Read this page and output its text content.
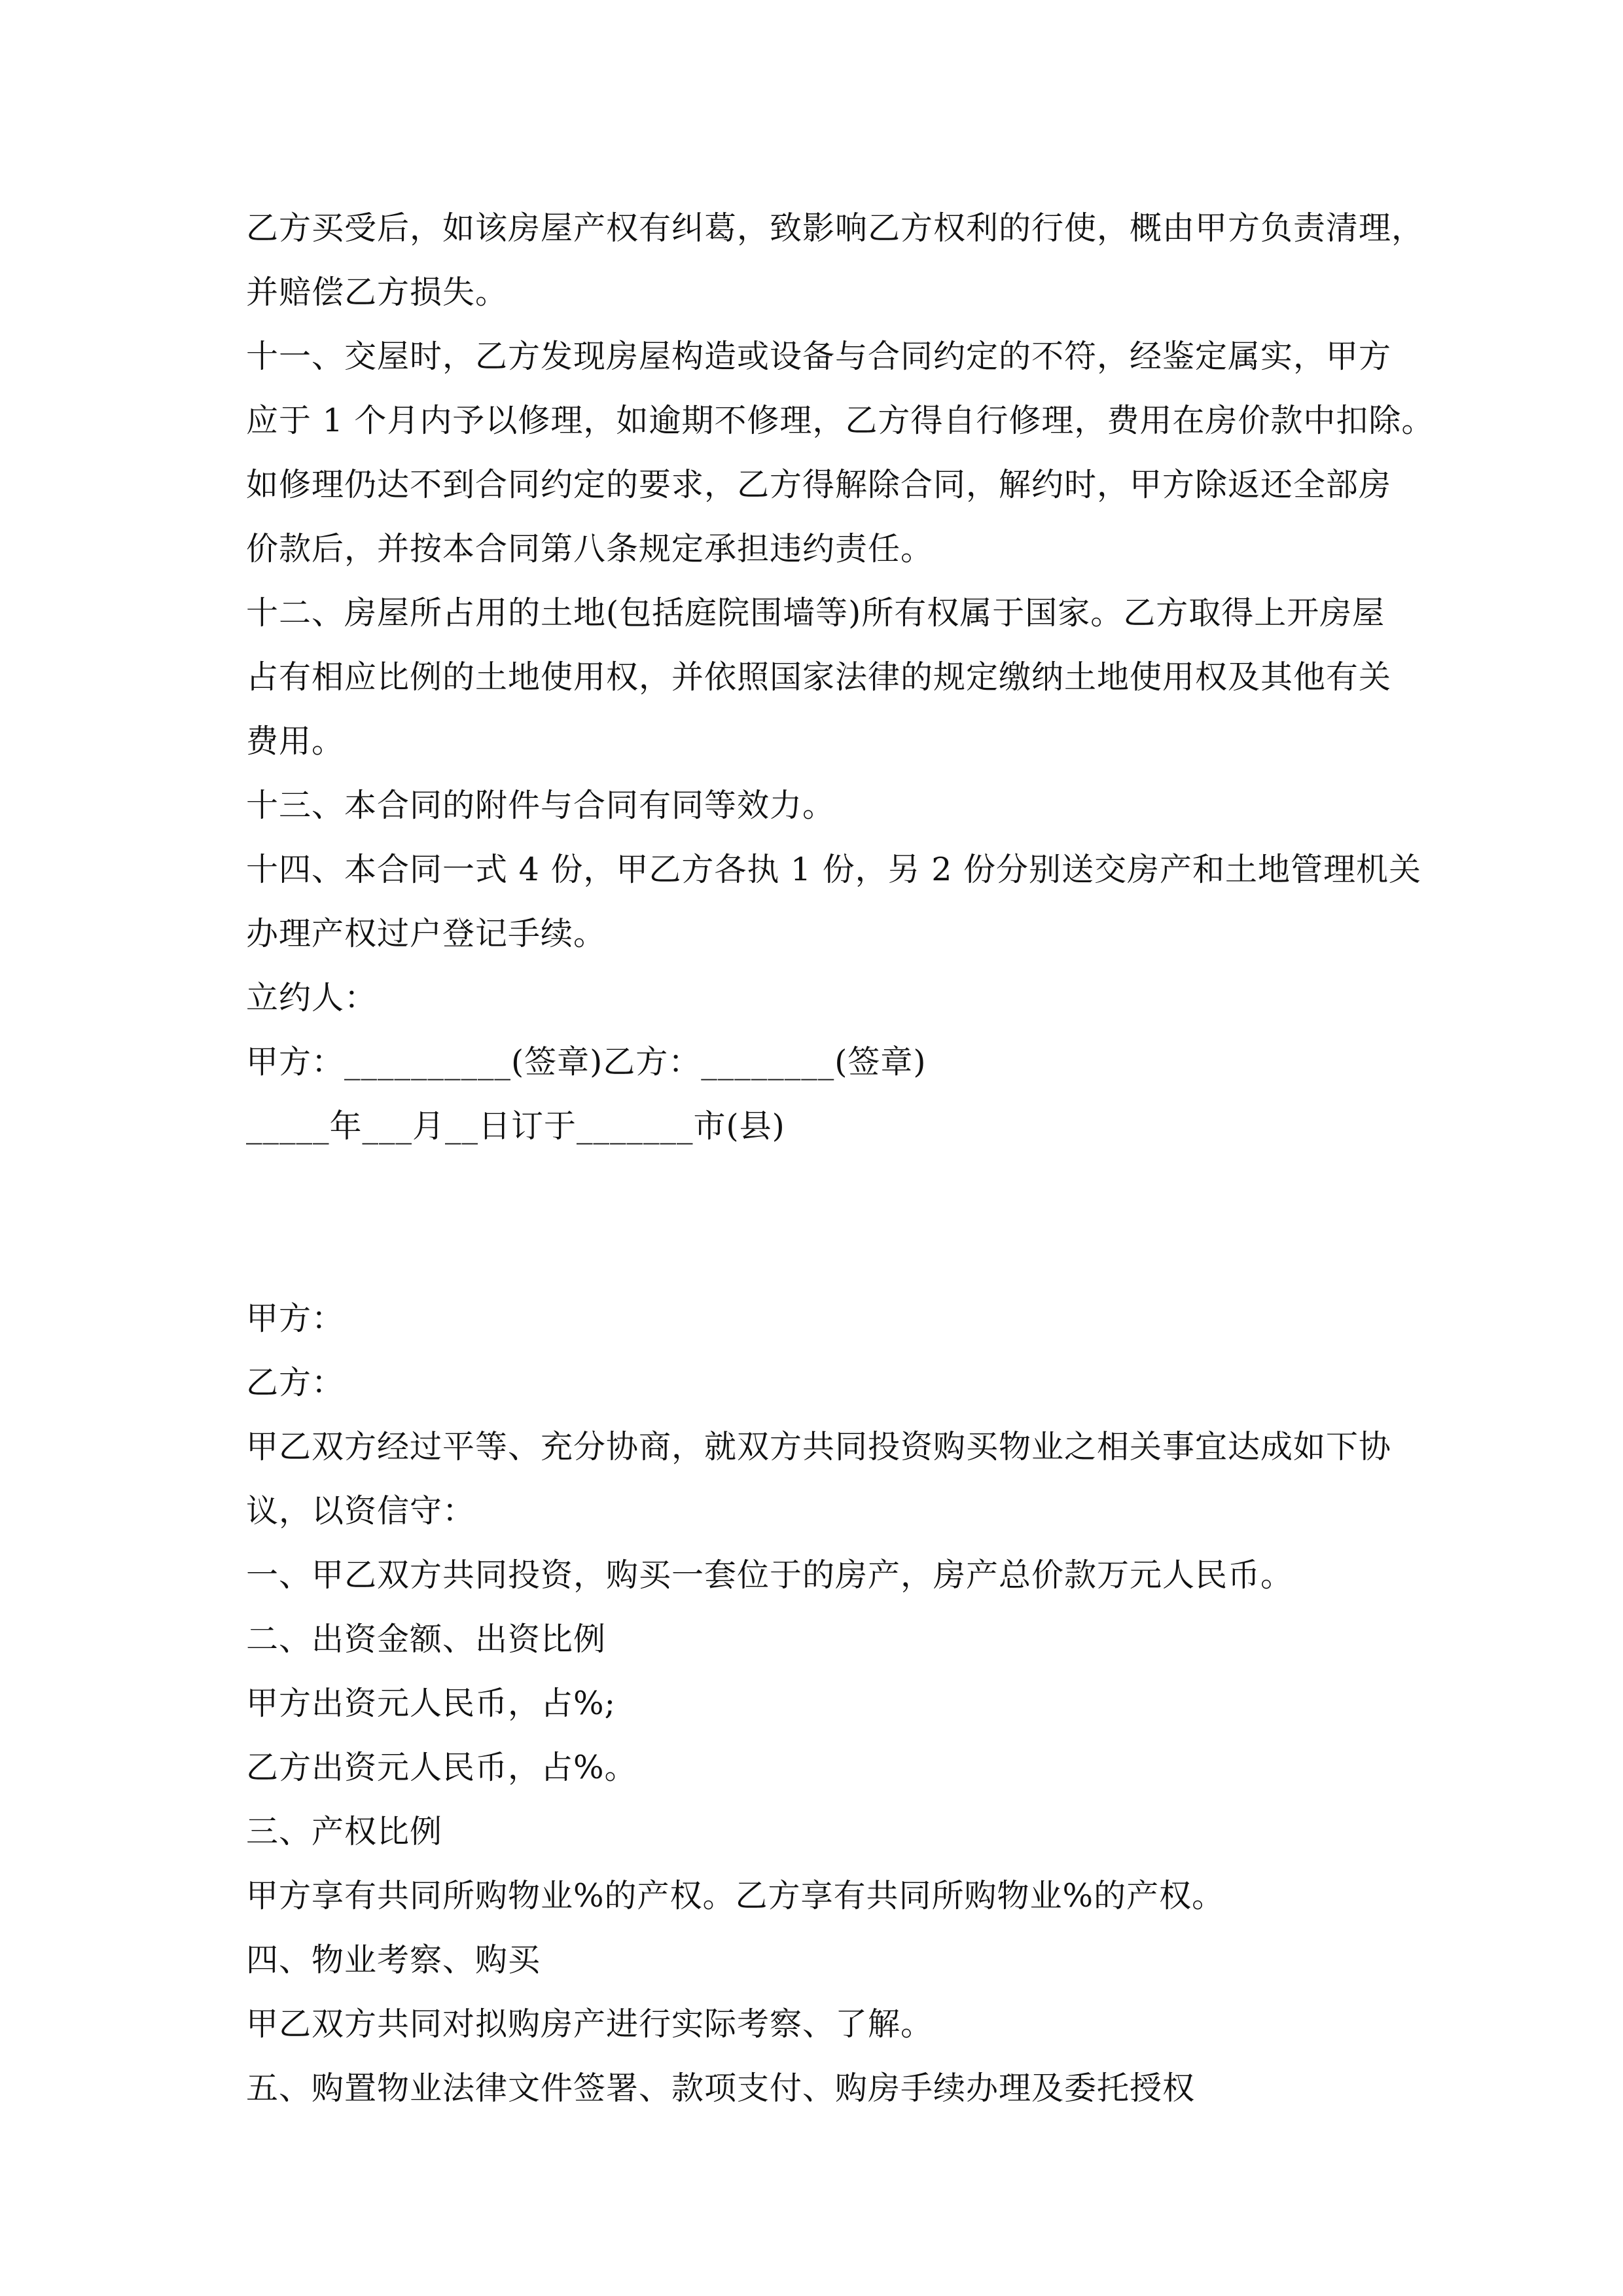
乙方买受后，如该房屋产权有纠葛，致影响乙方权利的行使，概由甲方负责清理，
并赔偿乙方损失。
十一、交屋时，乙方发现房屋构造或设备与合同约定的不符，经鉴定属实，甲方
应于 1 个月内予以修理，如逾期不修理，乙方得自行修理，费用在房价款中扣除。
如修理仍达不到合同约定的要求，乙方得解除合同，解约时，甲方除返还全部房
价款后，并按本合同第八条规定承担违约责任。
十二、房屋所占用的土地(包括庭院围墙等)所有权属于国家。乙方取得上开房屋
占有相应比例的土地使用权，并依照国家法律的规定缴纳土地使用权及其他有关
费用。
十三、本合同的附件与合同有同等效力。
十四、本合同一式 4 份，甲乙方各执 1 份，另 2 份分别送交房产和土地管理机关
办理产权过户登记手续。
立约人：
甲方：__________(签章)乙方：________(签章)
_____年___月__日订于_______市(县)
甲方：
乙方：
甲乙双方经过平等、充分协商，就双方共同投资购买物业之相关事宜达成如下协
议，以资信守：
一、甲乙双方共同投资，购买一套位于的房产，房产总价款万元人民币。
二、出资金额、出资比例
甲方出资元人民币，占%;
乙方出资元人民币，占%。
三、产权比例
甲方享有共同所购物业%的产权。乙方享有共同所购物业%的产权。
四、物业考察、购买
甲乙双方共同对拟购房产进行实际考察、了解。
五、购置物业法律文件签署、款项支付、购房手续办理及委托授权
